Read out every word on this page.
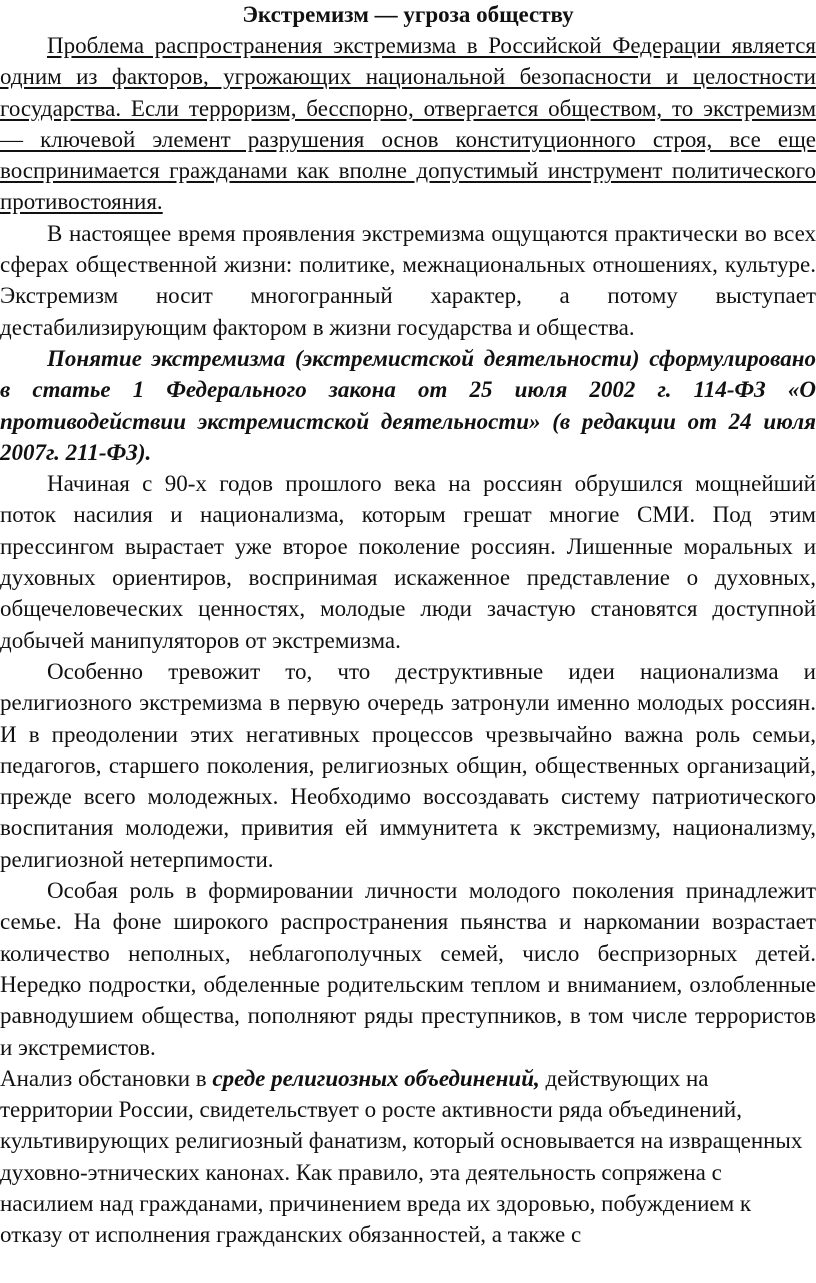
Экстремизм — угроза обществу

Проблема распространения экстремизма в Российской Федерации является одним из факторов, угрожающих национальной безопасности и целостности государства. Если терроризм, бесспорно, отвергается обществом, то экстремизм — ключевой элемент разрушения основ конституционного строя, все еще воспринимается гражданами как вполне допустимый инструмент политического противостояния.

В настоящее время проявления экстремизма ощущаются практически во всех сферах общественной жизни: политике, межнациональных отношениях, культуре. Экстремизм носит многогранный характер, а потому выступает дестабилизирующим фактором в жизни государства и общества.

Понятие экстремизма (экстремистской деятельности) сформулировано в статье 1 Федерального закона от 25 июля 2002 г. 114-ФЗ «О противодействии экстремистской деятельности» (в редакции от 24 июля 2007г. 211-ФЗ).

Начиная с 90-х годов прошлого века на россиян обрушился мощнейший поток насилия и национализма, которым грешат многие СМИ. Под этим прессингом вырастает уже второе поколение россиян. Лишенные моральных и духовных ориентиров, воспринимая искаженное представление о духовных, общечеловеческих ценностях, молодые люди зачастую становятся доступной добычей манипуляторов от экстремизма.

Особенно тревожит то, что деструктивные идеи национализма и религиозного экстремизма в первую очередь затронули именно молодых россиян. И в преодолении этих негативных процессов чрезвычайно важна роль семьи, педагогов, старшего поколения, религиозных общин, общественных организаций, прежде всего молодежных. Необходимо воссоздавать систему патриотического воспитания молодежи, привития ей иммунитета к экстремизму, национализму, религиозной нетерпимости.

Особая роль в формировании личности молодого поколения принадлежит семье. На фоне широкого распространения пьянства и наркомании возрастает количество неполных, неблагополучных семей, число беспризорных детей. Нередко подростки, обделенные родительским теплом и вниманием, озлобленные равнодушием общества, пополняют ряды преступников, в том числе террористов и экстремистов.

Анализ обстановки в среде религиозных объединений, действующих на территории России, свидетельствует о росте активности ряда объединений, культивирующих религиозный фанатизм, который основывается на извращенных духовно-этнических канонах. Как правило, эта деятельность сопряжена с насилием над гражданами, причинением вреда их здоровью, побуждением к отказу от исполнения гражданских обязанностей, а также с
